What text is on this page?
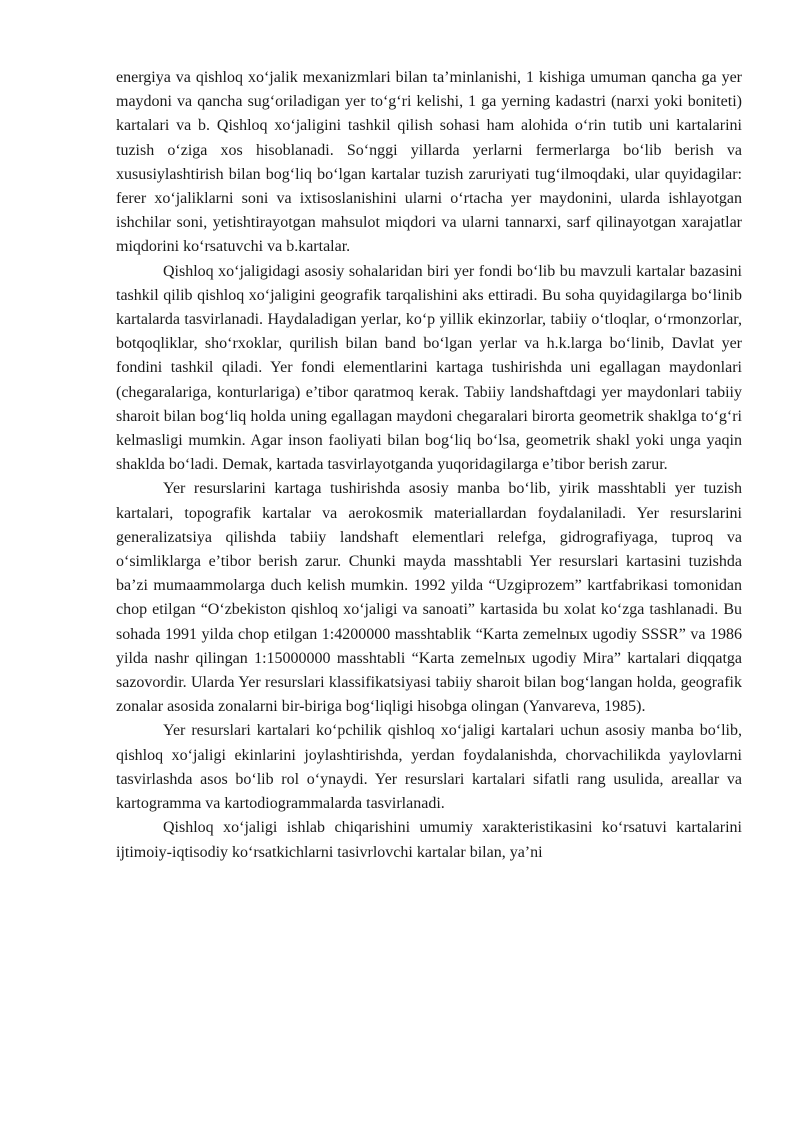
energiya va qishloq xo‘jalik mexanizmlari bilan ta’minlanishi, 1 kishiga umuman qancha ga yer maydoni va qancha sug‘oriladigan yer to‘g‘ri kelishi, 1 ga yerning kadastri (narxi yoki boniteti) kartalari va b. Qishloq xo‘jaligini tashkil qilish sohasi ham alohida o‘rin tutib uni kartalarini tuzish o‘ziga xos hisoblanadi. So‘nggi yillarda yerlarni fermerlarga bo‘lib berish va xususiylashtirish bilan bog‘liq bo‘lgan kartalar tuzish zaruriyati tug‘ilmoqdaki, ular quyidagilar: ferer xo‘jaliklarni soni va ixtisoslanishini ularni o‘rtacha yer maydonini, ularda ishlayotgan ishchilar soni, yetishtirayotgan mahsulot miqdori va ularni tannarxi, sarf qilinayotgan xarajatlar miqdorini ko‘rsatuvchi va b.kartalar.

Qishloq xo‘jaligidagi asosiy sohalaridan biri yer fondi bo‘lib bu mavzuli kartalar bazasini tashkil qilib qishloq xo‘jaligini geografik tarqalishini aks ettiradi. Bu soha quyidagilarga bo‘linib kartalarda tasvirlanadi. Haydaladigan yerlar, ko‘p yillik ekinzorlar, tabiiy o‘tloqlar, o‘rmonzorlar, botqoqliklar, sho‘rxoklar, qurilish bilan band bo‘lgan yerlar va h.k.larga bo‘linib, Davlat yer fondini tashkil qiladi. Yer fondi elementlarini kartaga tushirishda uni egallagan maydonlari (chegaralariga, konturlariga) e’tibor qaratmoq kerak. Tabiiy landshaftdagi yer maydonlari tabiiy sharoit bilan bog‘liq holda uning egallagan maydoni chegaralari birorta geometrik shaklga to‘g‘ri kelmasligi mumkin. Agar inson faoliyati bilan bog‘liq bo‘lsa, geometrik shakl yoki unga yaqin shaklda bo‘ladi. Demak, kartada tasvirlayotganda yuqoridagilarga e’tibor berish zarur.

Yer resurslarini kartaga tushirishda asosiy manba bo‘lib, yirik masshtabli yer tuzish kartalari, topografik kartalar va aerokosmik materiallardan foydalaniladi. Yer resurslarini generalizatsiya qilishda tabiiy landshaft elementlari relefga, gidrografiyaga, tuproq va o‘simliklarga e’tibor berish zarur. Chunki mayda masshtabli Yer resurslari kartasini tuzishda ba’zi mumaammolarga duch kelish mumkin. 1992 yilda “Uzgiprozem” kartfabrikasi tomonidan chop etilgan “O‘zbekiston qishloq xo‘jaligi va sanoati” kartasida bu xolat ko‘zga tashlanadi. Bu sohada 1991 yilda chop etilgan 1:4200000 masshtablik “Karta zemelnых ugodiy SSSR” va 1986 yilda nashr qilingan 1:15000000 masshtabli “Karta zemelnых ugodiy Mira” kartalari diqqatga sazovordir. Ularda Yer resurslari klassifikatsiyasi tabiiy sharoit bilan bog‘langan holda, geografik zonalar asosida zonalarni bir-biriga bog‘liqligi hisobga olingan (Yanvareva, 1985).

Yer resurslari kartalari ko‘pchilik qishloq xo‘jaligi kartalari uchun asosiy manba bo‘lib, qishloq xo‘jaligi ekinlarini joylashtirishda, yerdan foydalanishda, chorvachilikda yaylovlarni tasvirlashda asos bo‘lib rol o‘ynaydi. Yer resurslari kartalari sifatli rang usulida, areallar va kartogramma va kartodiogrammalarda tasvirlanadi.

Qishloq xo‘jaligi ishlab chiqarishini umumiy xarakteristikasini ko‘rsatuvi kartalarini ijtimoiy-iqtisodiy ko‘rsatkichlarni tasivrlovchi kartalar bilan, ya’ni
